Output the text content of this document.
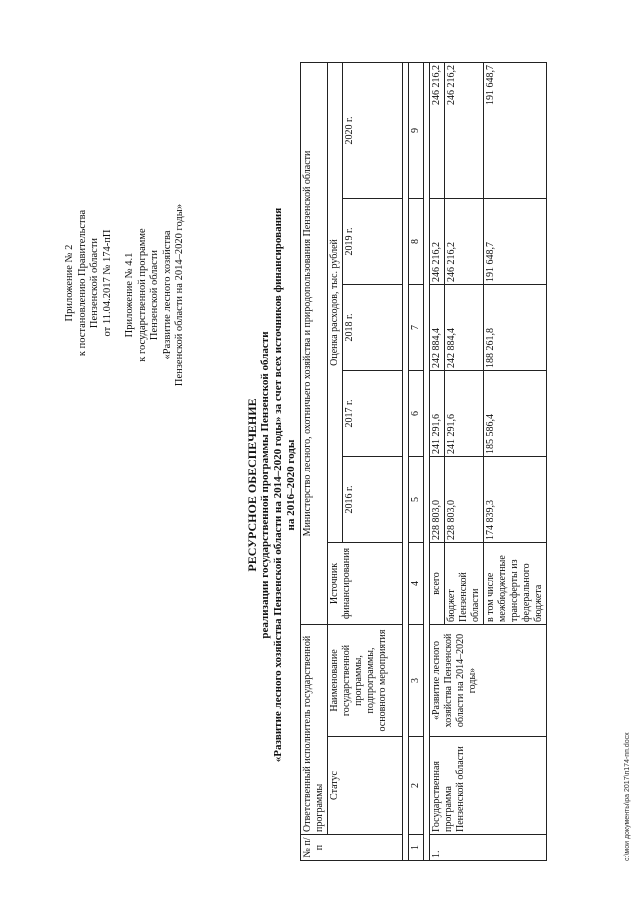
Приложение № 2 к постановлению Правительства Пензенской области от 11.04.2017 № 174-пП Приложение № 4.1 к государственной программе Пензенской области «Развитие лесного хозяйства Пензенской области на 2014–2020 годы»
РЕСУРСНОЕ ОБЕСПЕЧЕНИЕ реализации государственной программы Пензенской области «Развитие лесного хозяйства Пензенской области на 2014–2020 годы» за счет всех источников финансирования на 2016–2020 годы
№ п/п	Ответственный исполнитель государственной программы		Министерство лесного, охотничьего хозяйства и природопользования Пензенской области					
	Статус	Наименование государственной программы, подпрограммы, основного мероприятия	Источник финансирования	Оценка расходов, тыс. рублей				
				2016 г.	2017 г.	2018 г.	2019 г.	2020 г.

1	2	3	4	5	6	7	8	9

1.	Государственная программа Пензенской области	«Развитие лесного хозяйства Пензенской области на 2014–2020 годы»	всего	228 803,0	241 291,6	242 884,4	246 216,2	246 216,2
			бюджет Пензенской области	228 803,0	241 291,6	242 884,4	246 216,2	246 216,2
			в том числе межбюджетные трансферты из федерального бюджета	174 839,3	185 586,4	188 261,8	191 648,7	191 648,7
c:\мои документы\ра 2017\п174-пп.docx
